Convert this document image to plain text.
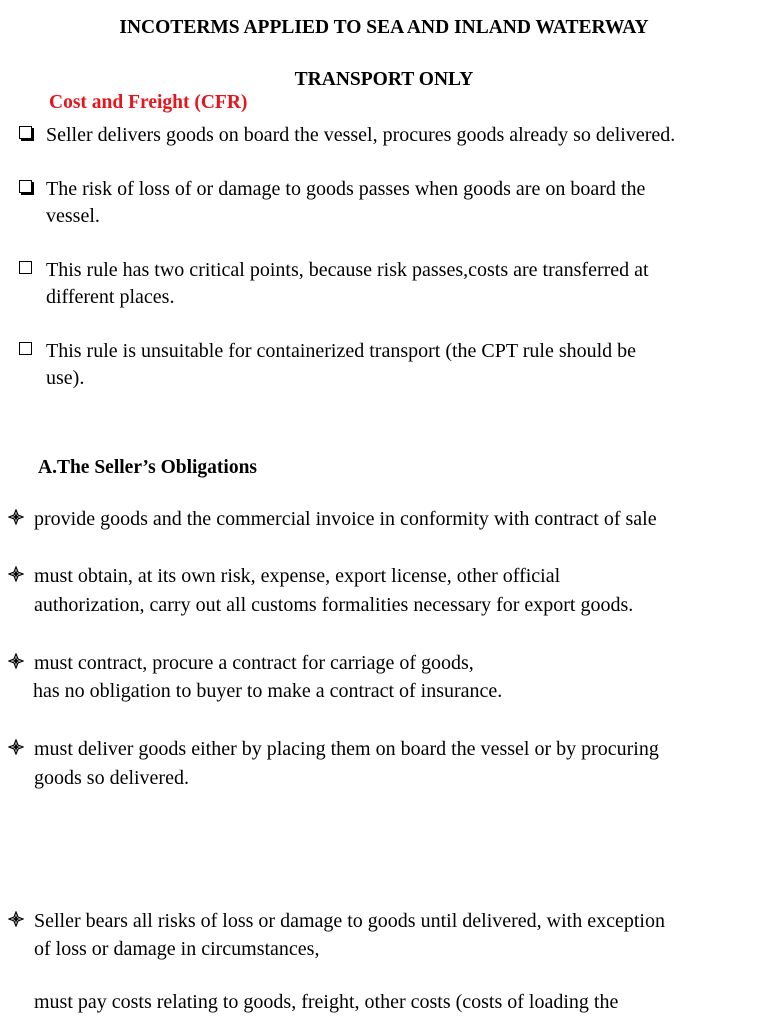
INCOTERMS APPLIED TO SEA AND INLAND WATERWAY
TRANSPORT ONLY
Cost and Freight (CFR)
Seller delivers goods on board the vessel, procures goods already so delivered.
The risk of loss of or damage to goods passes when goods are on board the
vessel.
This rule has two critical points, because risk passes,costs are transferred at
different places.
This rule is unsuitable for containerized transport (the CPT rule should be
use).
A.The Seller’s Obligations
provide goods and the commercial invoice in conformity with contract of sale
must obtain, at its own risk, expense, export license, other official
authorization, carry out all customs formalities necessary for export goods.
must contract, procure a contract for carriage of goods,
has no obligation to buyer to make a contract of insurance.
must deliver goods either by placing them on board the vessel or by procuring
goods so delivered.
Seller bears all risks of loss or damage to goods until delivered, with exception
of loss or damage in circumstances,
must pay costs relating to goods, freight, other costs (costs of loading the
